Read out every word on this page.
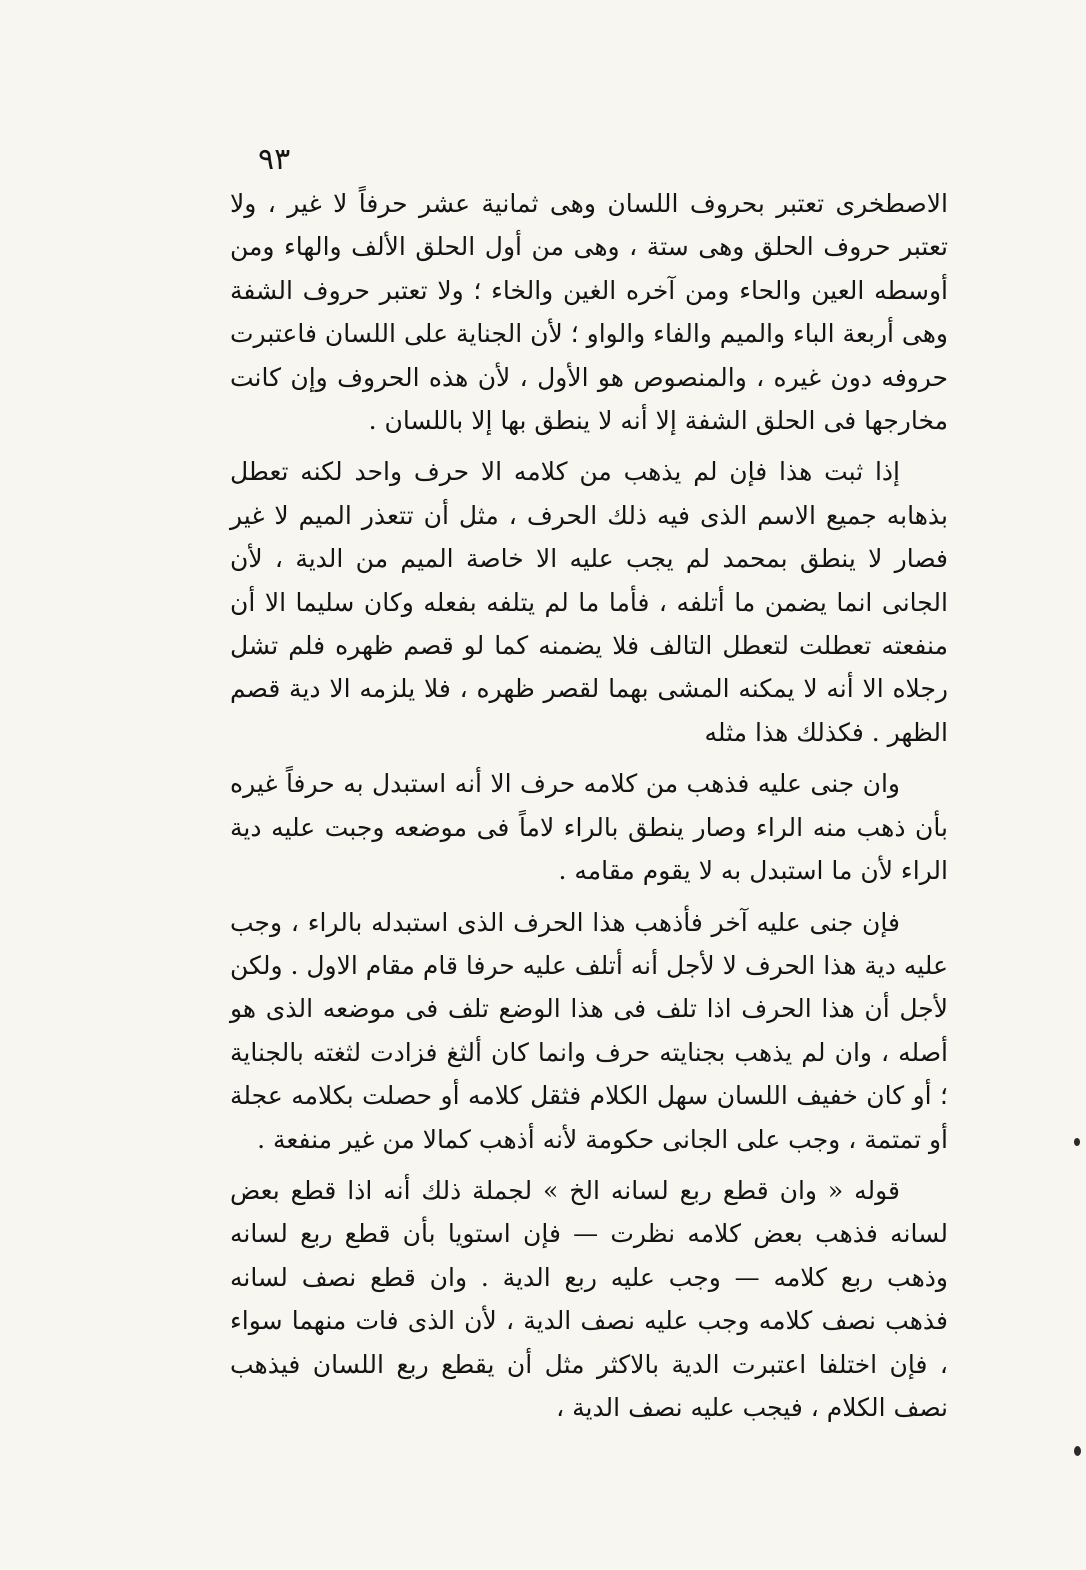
٩٣

الاصطخرى تعتبر بحروف اللسان وهى ثمانية عشر حرفاً لا غير ، ولا تعتبر حروف الحلق وهى ستة ، وهى من أول الحلق الألف والهاء ومن أوسطه العين والحاء ومن آخره الغين والخاء ؛ ولا تعتبر حروف الشفة وهى أربعة الباء والميم والفاء والواو ؛ لأن الجناية على اللسان فاعتبرت حروفه دون غيره ، والمنصوص هو الأول ، لأن هذه الحروف وإن كانت مخارجها فى الحلق الشفة إلا أنه لا ينطق بها إلا باللسان .

إذا ثبت هذا فإن لم يذهب من كلامه الا حرف واحد لكنه تعطل بذهابه جميع الاسم الذى فيه ذلك الحرف ، مثل أن تتعذر الميم لا غير فصار لا ينطق بمحمد لم يجب عليه الا خاصة الميم من الدية ، لأن الجانى انما يضمن ما أتلفه ، فأما ما لم يتلفه بفعله وكان سليما الا أن منفعته تعطلت لتعطل التالف فلا يضمنه كما لو قصم ظهره فلم تشل رجلاه الا أنه لا يمكنه المشى بهما لقصر ظهره ، فلا يلزمه الا دية قصم الظهر . فكذلك هذا مثله

وان جنى عليه فذهب من كلامه حرف الا أنه استبدل به حرفاً غيره بأن ذهب منه الراء وصار ينطق بالراء لاماً فى موضعه وجبت عليه دية الراء لأن ما استبدل به لا يقوم مقامه .

فإن جنى عليه آخر فأذهب هذا الحرف الذى استبدله بالراء ، وجب عليه دية هذا الحرف لا لأجل أنه أتلف عليه حرفا قام مقام الاول . ولكن لأجل أن هذا الحرف اذا تلف فى هذا الوضع تلف فى موضعه الذى هو أصله ، وان لم يذهب بجنايته حرف وانما كان ألثغ فزادت لثغته بالجناية ؛ أو كان خفيف اللسان سهل الكلام فثقل كلامه أو حصلت بكلامه عجلة أو تمتمة ، وجب على الجانى حكومة لأنه أذهب كمالا من غير منفعة .

قوله « وان قطع ربع لسانه الخ » لجملة ذلك أنه اذا قطع بعض لسانه فذهب بعض كلامه نظرت — فإن استويا بأن قطع ربع لسانه وذهب ربع كلامه — وجب عليه ربع الدية . وان قطع نصف لسانه فذهب نصف كلامه وجب عليه نصف الدية ، لأن الذى فات منهما سواء ، فإن اختلفا اعتبرت الدية بالاكثر مثل أن يقطع ربع اللسان فيذهب نصف الكلام ، فيجب عليه نصف الدية ،
